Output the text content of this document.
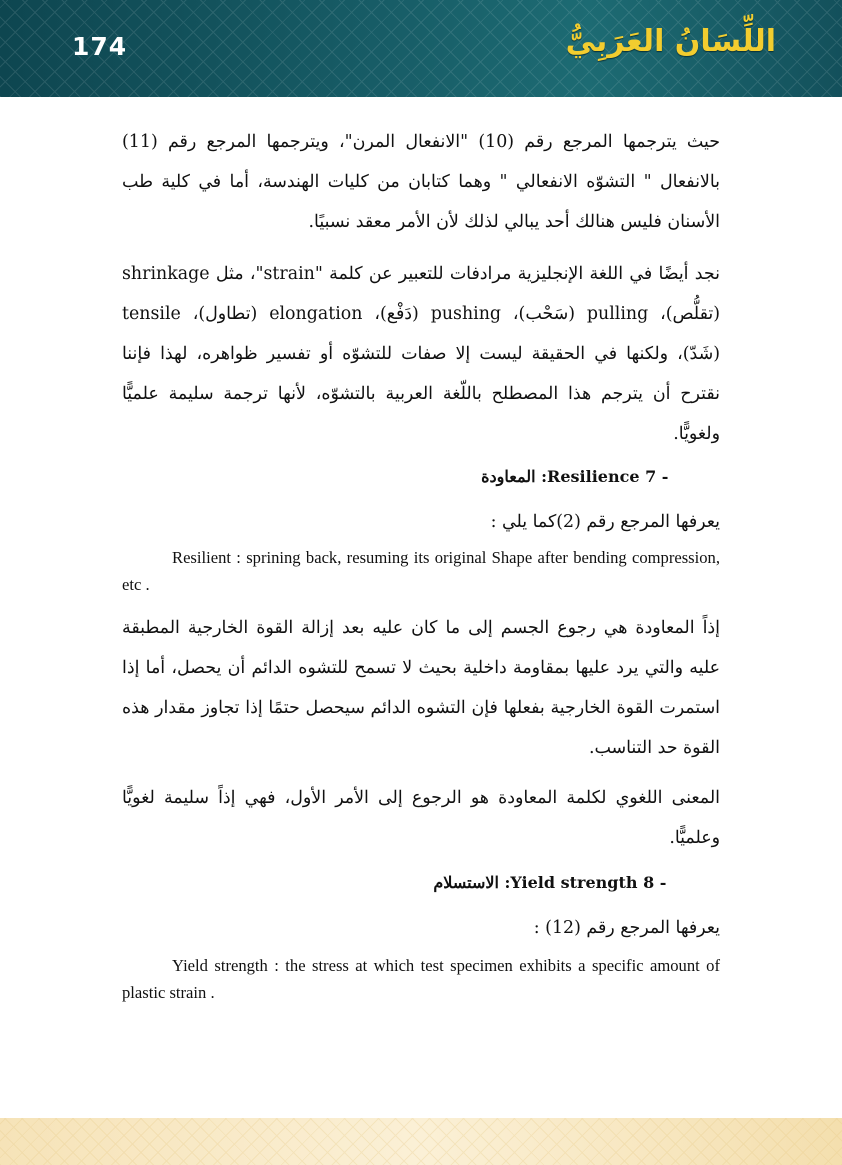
174	اللِّسَانُ العَرَبِيُّ

حيث يترجمها المرجع رقم (10) "الانفعال المرن"، ويترجمها المرجع رقم (11) بالانفعال " التشوّه الانفعالي " وهما كتابان من كليات الهندسة، أما في كلية طب الأسنان فليس هنالك أحد يبالي لذلك لأن الأمر معقد نسبيًا.

نجد أيضًا في اللغة الإنجليزية مرادفات للتعبير عن كلمة "strain"، مثل shrinkage (تقلُّص)، pulling (سَحْب)، pushing (دَفْع)، elongation (تطاول)، tensile (شَدّ)، ولكنها في الحقيقة ليست إلا صفات للتشوّه أو تفسير ظواهره، لهذا فإننا نقترح أن يترجم هذا المصطلح باللّغة العربية بالتشوّه، لأنها ترجمة سليمة علميًّا ولغويًّا.

Resilience 7 - : المعاودة

يعرفها المرجع رقم (2)كما يلي :

Resilient : sprining back, resuming its original Shape after bending compression, etc .

إذاً المعاودة هي رجوع الجسم إلى ما كان عليه بعد إزالة القوة الخارجية المطبقة عليه والتي يرد عليها بمقاومة داخلية بحيث لا تسمح للتشوه الدائم أن يحصل، أما إذا استمرت القوة الخارجية بفعلها فإن التشوه الدائم سيحصل حتمًا إذا تجاوز مقدار هذه القوة حد التناسب.

المعنى اللغوي لكلمة المعاودة هو الرجوع إلى الأمر الأول، فهي إذاً سليمة لغويًّا وعلميًّا.

Yield strength 8 - : الاستسلام

يعرفها المرجع رقم (12) :

Yield strength : the stress at which test specimen exhibits a specific amount of plastic strain .
